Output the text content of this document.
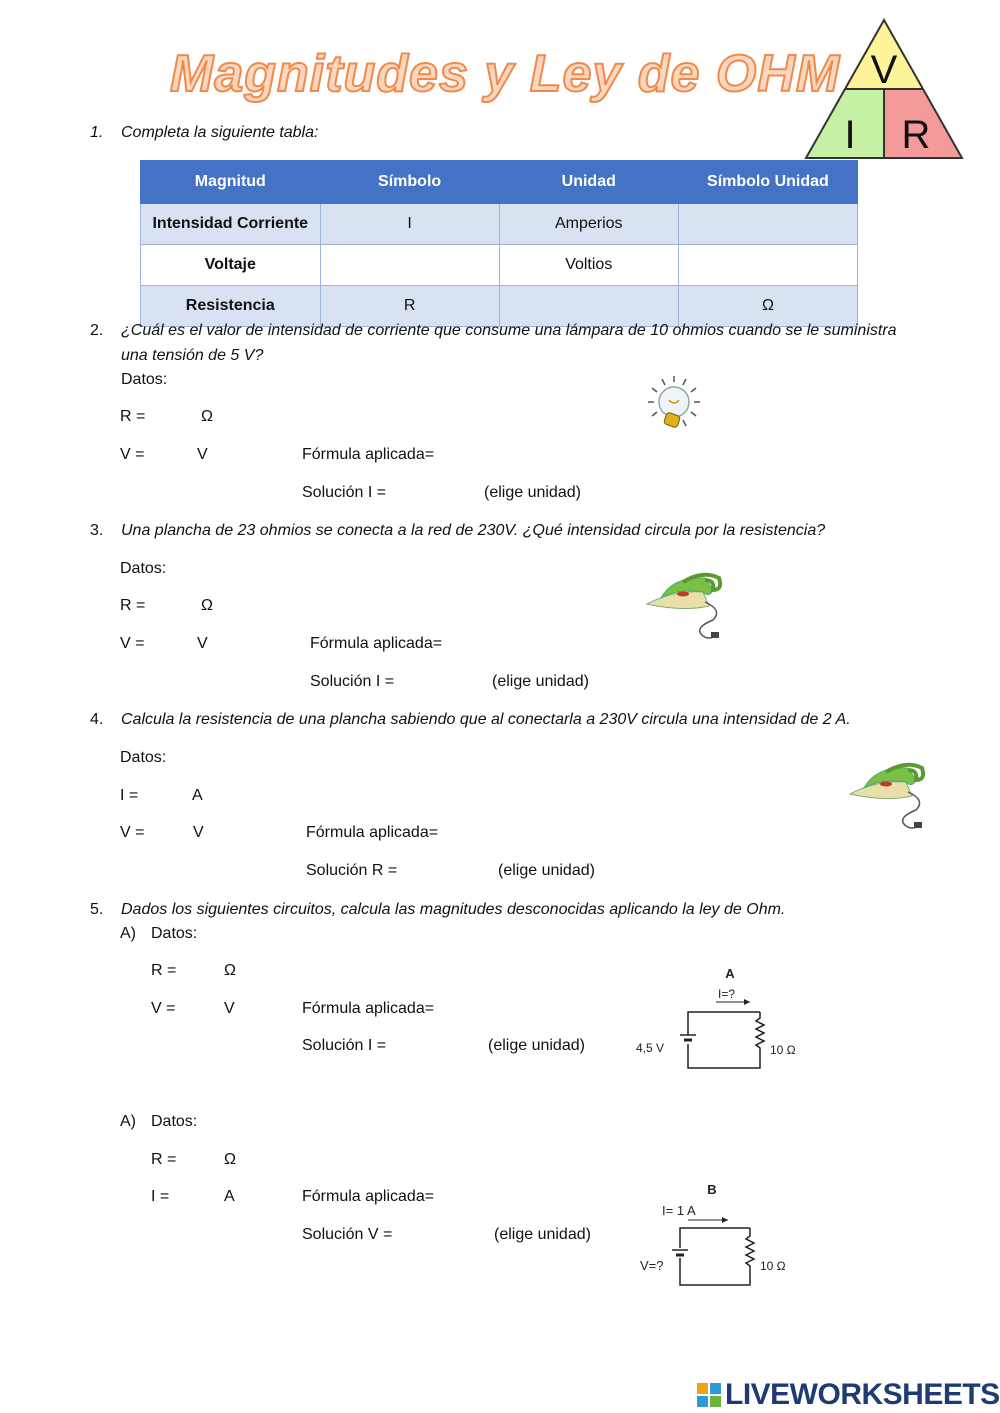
Magnitudes y Ley de OHM V
I R
1. Completa la siguiente tabla:
Magnitud	Símbolo	Unidad	Símbolo Unidad
Intensidad Corriente	I	Amperios	
Voltaje		Voltios	
Resistencia	R		Ω
2. ¿Cuál es el valor de intensidad de corriente que consume una lámpara de 10 ohmios cuando se le suministra
una tensión de 5 V?
Datos:
R =	Ω
V =	V	Fórmula aplicada=
Solución I =	(elige unidad)
3. Una plancha de 23 ohmios se conecta a la red de 230V. ¿Qué intensidad circula por la resistencia?
Datos:
R =	Ω
V =	V	Fórmula aplicada=
Solución I =	(elige unidad)
4. Calcula la resistencia de una plancha sabiendo que al conectarla a 230V circula una intensidad de 2 A.
Datos:
I =	A
V =	V	Fórmula aplicada=
Solución R =	(elige unidad)
5. Dados los siguientes circuitos, calcula las magnitudes desconocidas aplicando la ley de Ohm.
A) Datos:
R =	Ω
V =	V	Fórmula aplicada=
Solución I =	(elige unidad)
A
I=?
4,5 V	10 Ω
A) Datos:
R =	Ω
I =	A	Fórmula aplicada=
Solución V =	(elige unidad)
B
I= 1 A
V=?	10 Ω
LIVEWORKSHEETS
